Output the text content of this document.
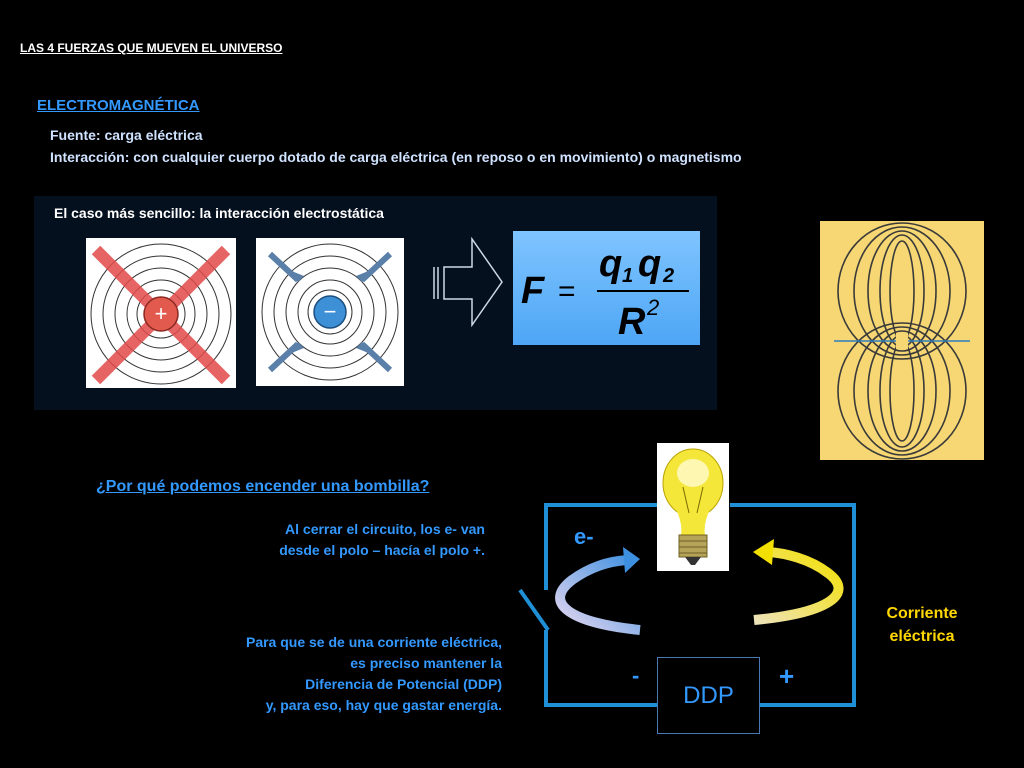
LAS 4 FUERZAS QUE MUEVEN EL UNIVERSO
ELECTROMAGNÉTICA
Fuente: carga eléctrica
Interacción: con cualquier cuerpo dotado de carga eléctrica (en reposo o en movimiento) o magnetismo
El caso más sencillo: la interacción electrostática
+	−	F =
q 1 q 2
R 2
¿Por qué podemos encender una bombilla?
Al cerrar el circuito, los e- van
desde el polo – hacía el polo +.
Para que se de una corriente eléctrica,
es preciso mantener la
Diferencia de Potencial (DDP)
y, para eso, hay que gastar energía.
e-
Corriente
eléctrica
-	+
DDP
